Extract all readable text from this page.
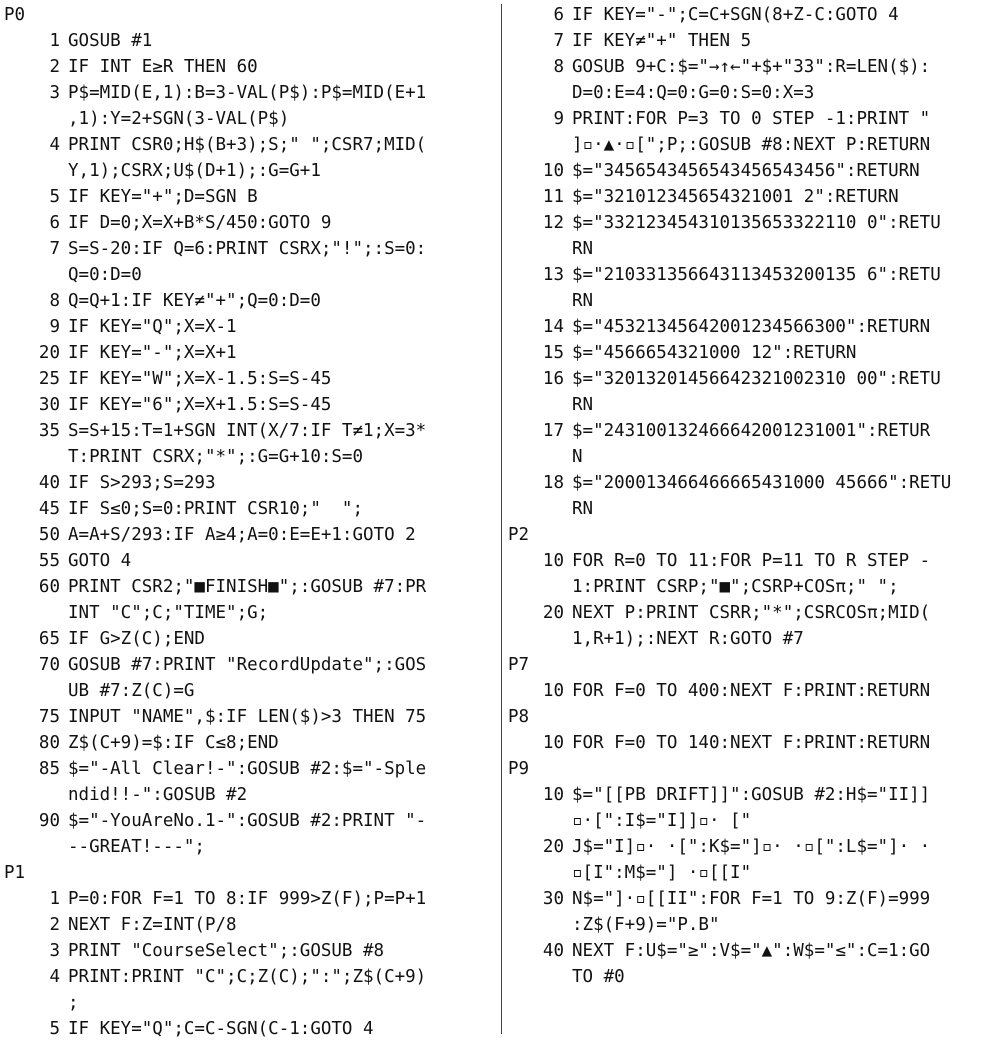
P0
1 GOSUB #1
2 IF INT E≥R THEN 60
3 P$=MID(E,1):B=3-VAL(P$):P$=MID(E+1
,1):Y=2+SGN(3-VAL(P$)
4 PRINT CSR0;H$(B+3);S;" ";CSR7;MID(
Y,1);CSRX;U$(D+1);:G=G+1
5 IF KEY="+";D=SGN B
6 IF D=0;X=X+B*S/450:GOTO 9
7 S=S-20:IF Q=6:PRINT CSRX;"!";:S=0:
Q=0:D=0
8 Q=Q+1:IF KEY≠"+";Q=0:D=0
9 IF KEY="Q";X=X-1
20 IF KEY="-";X=X+1
25 IF KEY="W";X=X-1.5:S=S-45
30 IF KEY="6";X=X+1.5:S=S-45
35 S=S+15:T=1+SGN INT(X/7:IF T≠1;X=3*
T:PRINT CSRX;"*";:G=G+10:S=0
40 IF S>293;S=293
45 IF S≤0;S=0:PRINT CSR10;"  ";
50 A=A+S/293:IF A≥4;A=0:E=E+1:GOTO 2
55 GOTO 4
60 PRINT CSR2;"■FINISH■";:GOSUB #7:PR
INT "C";C;"TIME";G;
65 IF G>Z(C);END
70 GOSUB #7:PRINT "RecordUpdate";:GOS
UB #7:Z(C)=G
75 INPUT "NAME",$:IF LEN($)>3 THEN 75
80 Z$(C+9)=$:IF C≤8;END
85 $="-All Clear!-":GOSUB #2:$="-Sple
ndid!!-":GOSUB #2
90 $="-YouAreNo.1-":GOSUB #2:PRINT "-
--GREAT!---";
P1
1 P=0:FOR F=1 TO 8:IF 999>Z(F);P=P+1
2 NEXT F:Z=INT(P/8
3 PRINT "CourseSelect";:GOSUB #8
4 PRINT:PRINT "C";C;Z(C);":";Z$(C+9)
;
5 IF KEY="Q";C=C-SGN(C-1:GOTO 4
6 IF KEY="-";C=C+SGN(8+Z-C:GOTO 4
7 IF KEY≠"+" THEN 5
8 GOSUB 9+C:$="→↑←"+$+"33":R=LEN($):
D=0:E=4:Q=0:G=0:S=0:X=3
9 PRINT:FOR P=3 TO 0 STEP -1:PRINT "
]▫·▲·▫[";P;:GOSUB #8:NEXT P:RETURN
10 $="3456543456543456543456":RETURN
11 $="321012345654321001 2":RETURN
12 $="332123454310135653322110 0":RETU
RN
13 $="210331356643113453200135 6":RETU
RN
14 $="45321345642001234566300":RETURN
15 $="4566654321000 12":RETURN
16 $="32013201456642321002310 00":RETU
RN
17 $="243100132466642001231001":RETUR
N
18 $="200013466466665431000 45666":RETU
RN
P2
10 FOR R=0 TO 11:FOR P=11 TO R STEP -
1:PRINT CSRP;"■";CSRP+COSπ;" ";
20 NEXT P:PRINT CSRR;"*";CSRCOSπ;MID(
1,R+1);:NEXT R:GOTO #7
P7
10 FOR F=0 TO 400:NEXT F:PRINT:RETURN
P8
10 FOR F=0 TO 140:NEXT F:PRINT:RETURN
P9
10 $="[[PB DRIFT]]":GOSUB #2:H$="II]]
▫·[":I$="I]]▫· ["
20 J$="I]▫· ·[":K$="]▫· ·▫[":L$="]· ·
▫[I":M$="] ·▫[[I"
30 N$="]·▫[[II":FOR F=1 TO 9:Z(F)=999
:Z$(F+9)="P.B"
40 NEXT F:U$="≥":V$="▲":W$="≤":C=1:GO
TO #0
